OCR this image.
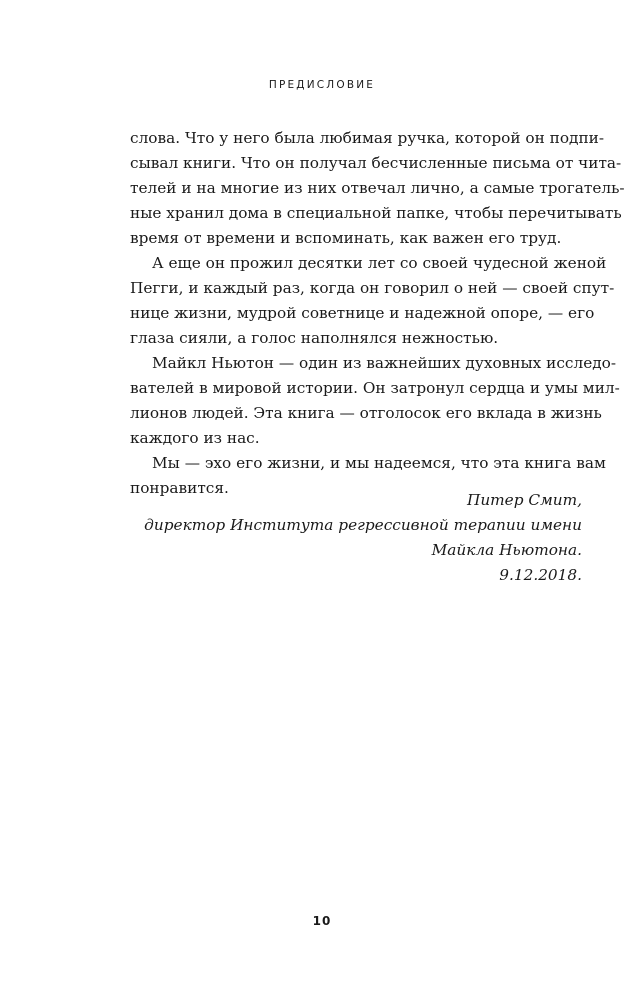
ПРЕДИСЛОВИЕ

слова. Что у него была любимая ручка, которой он подпи-
сывал книги. Что он получал бесчисленные письма от чита-
телей и на многие из них отвечал лично, а самые трогатель-
ные хранил дома в специальной папке, чтобы перечитывать
время от времени и вспоминать, как важен его труд.

А еще он прожил десятки лет со своей чудесной женой
Пегги, и каждый раз, когда он говорил о ней — своей спут-
нице жизни, мудрой советнице и надежной опоре, — его
глаза сияли, а голос наполнялся нежностью.

Майкл Ньютон — один из важнейших духовных исследо-
вателей в мировой истории. Он затронул сердца и умы мил-
лионов людей. Эта книга — отголосок его вклада в жизнь
каждого из нас.

Мы — эхо его жизни, и мы надеемся, что эта книга вам
понравится.

Питер Смит,
директор Института регрессивной терапии имени
Майкла Ньютона.
9.12.2018.
10
